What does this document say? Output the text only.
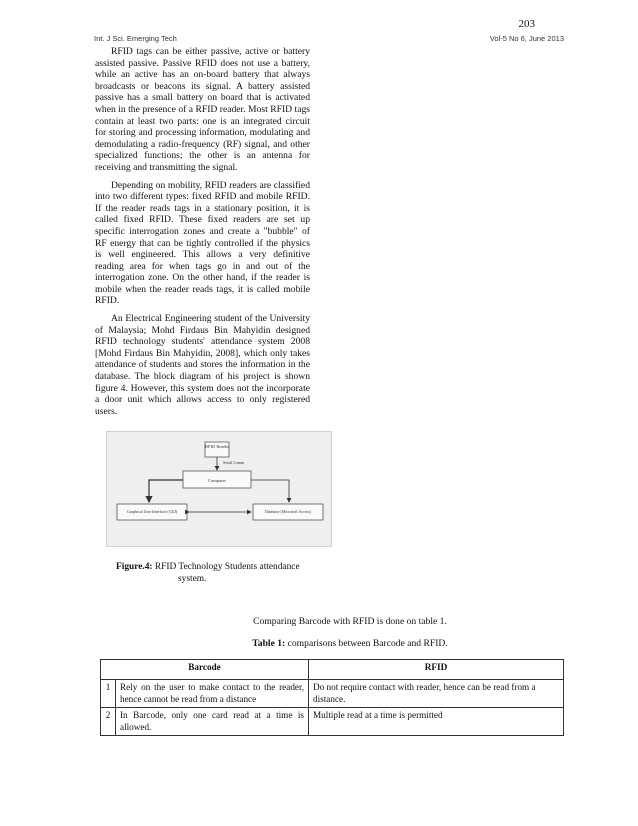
203
Int. J Sci. Emerging Tech	Vol-5 No 6, June 2013

RFID tags can be either passive, active or battery assisted passive. Passive RFID does not use a battery, while an active has an on-board battery that always broadcasts or beacons its signal. A battery assisted passive has a small battery on board that is activated when in the presence of a RFID reader. Most RFID tags contain at least two parts: one is an integrated circuit for storing and processing information, modulating and demodulating a radio-frequency (RF) signal, and other specialized functions; the other is an antenna for receiving and transmitting the signal.

Depending on mobility, RFID readers are classified into two different types: fixed RFID and mobile RFID. If the reader reads tags in a stationary position, it is called fixed RFID. These fixed readers are set up specific interrogation zones and create a "bubble" of RF energy that can be tightly controlled if the physics is well engineered. This allows a very definitive reading area for when tags go in and out of the interrogation zone. On the other hand, if the reader is mobile when the reader reads tags, it is called mobile RFID.

An Electrical Engineering student of the University of Malaysia; Mohd Firdaus Bin Mahyidin designed RFID technology students' attendance system 2008 [Mohd Firdaus Bin Mahyidin, 2008], which only takes attendance of students and stores the information in the database. The block diagram of his project is shown figure 4. However, this system does not the incorporate a door unit which allows access to only registered users.

RFID Reader
Serial Comm
Computer
Graphical User Interface (GUI)	Database (Microsoft Access)
Figure.4: RFID Technology Students attendance
system.
Comparing Barcode with RFID is done on table 1.
Table 1: comparisons between Barcode and RFID.
Barcode		RFID
1	Rely on the user to make contact to the reader, hence cannot be read from a distance	Do not require contact with reader, hence can be read from a distance.
2	In Barcode, only one card read at a time is allowed.	Multiple read at a time is permitted
